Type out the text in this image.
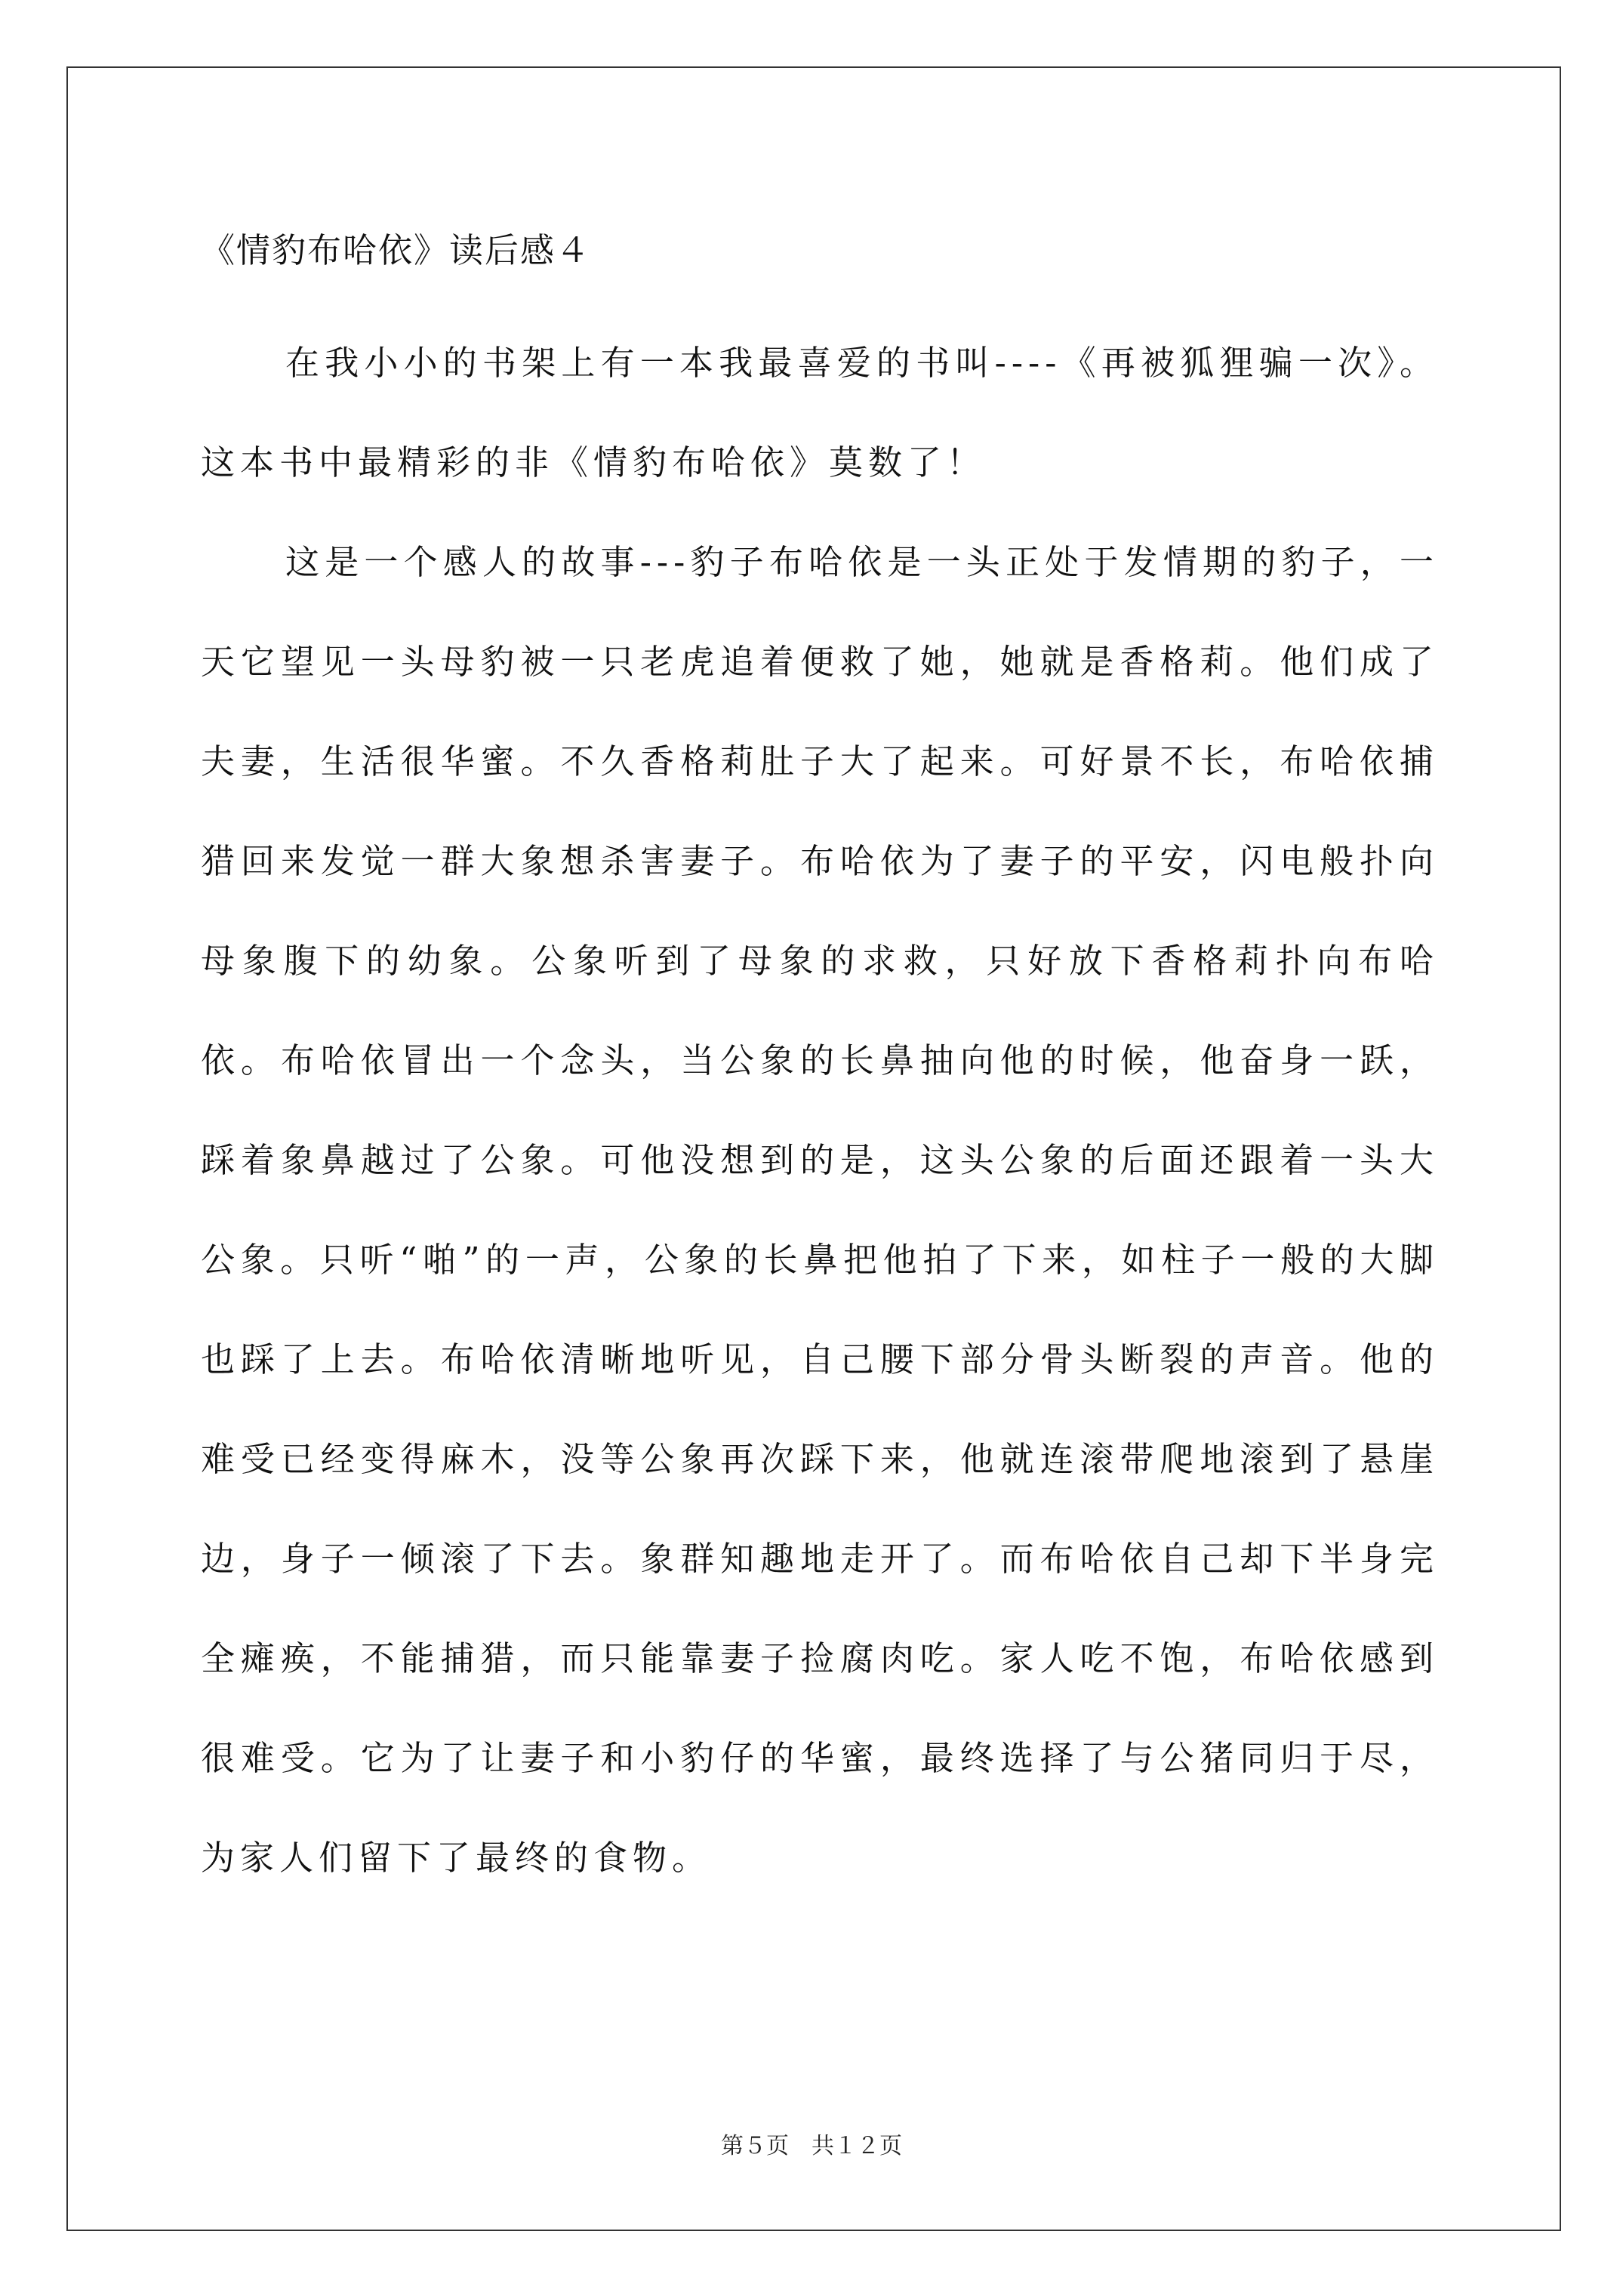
《情豹布哈依》读后感４

在我小小的书架上有一本我最喜爱的书叫----《再被狐狸骗一次》。这本书中最精彩的非《情豹布哈依》莫数了！

这是一个感人的故事---豹子布哈依是一头正处于发情期的豹子，一天它望见一头母豹被一只老虎追着便救了她，她就是香格莉。他们成了夫妻，生活很华蜜。不久香格莉肚子大了起来。可好景不长，布哈依捕猎回来发觉一群大象想杀害妻子。布哈依为了妻子的平安，闪电般扑向母象腹下的幼象。公象听到了母象的求救，只好放下香格莉扑向布哈依。布哈依冒出一个念头，当公象的长鼻抽向他的时候，他奋身一跃，踩着象鼻越过了公象。可他没想到的是，这头公象的后面还跟着一头大公象。只听“啪”的一声，公象的长鼻把他拍了下来，如柱子一般的大脚也踩了上去。布哈依清晰地听见，自己腰下部分骨头断裂的声音。他的难受已经变得麻木，没等公象再次踩下来，他就连滚带爬地滚到了悬崖边，身子一倾滚了下去。象群知趣地走开了。而布哈依自己却下半身完全瘫痪，不能捕猎，而只能靠妻子捡腐肉吃。家人吃不饱，布哈依感到很难受。它为了让妻子和小豹仔的华蜜，最终选择了与公猪同归于尽，为家人们留下了最终的食物。

第５页　共１２页
